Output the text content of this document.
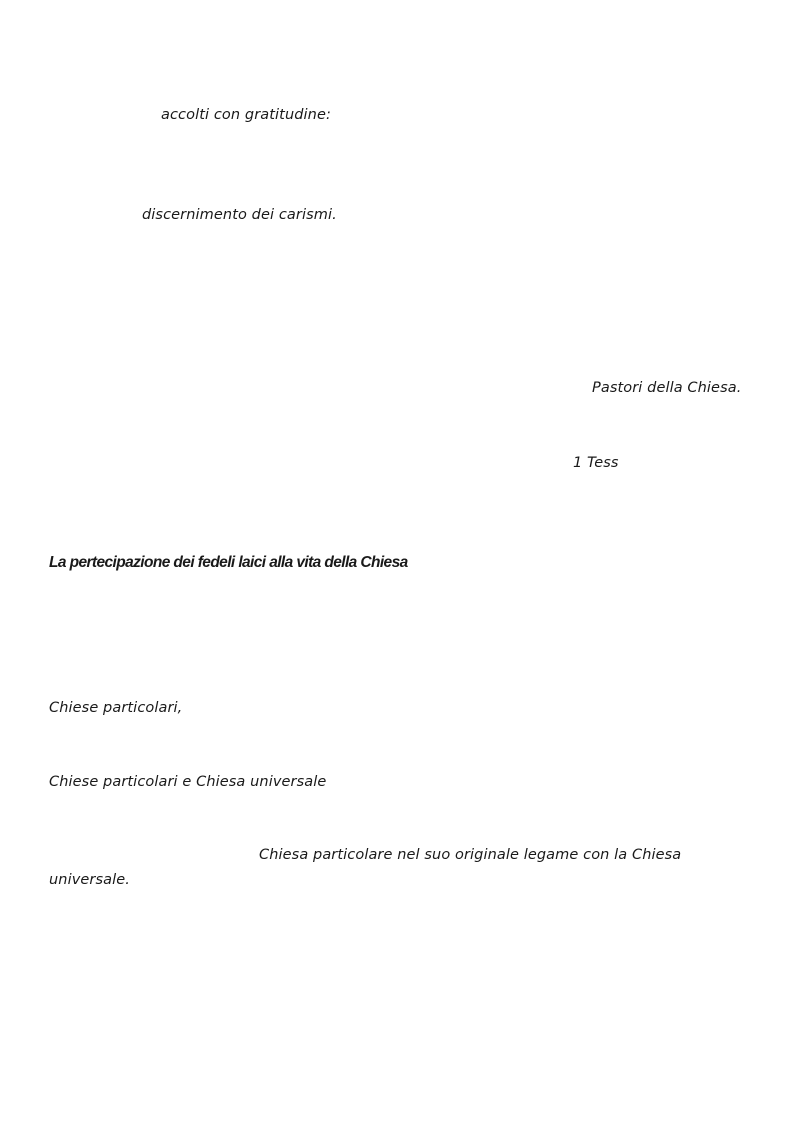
accolti con gratitudine:
discernimento dei carismi.
Pastori della Chiesa.
1 Tess
La pertecipazione dei fedeli laici alla vita della Chiesa
Chiese particolari,
Chiese particolari e Chiesa universale
Chiesa particolare nel suo originale legame con la Chiesa
universale.
